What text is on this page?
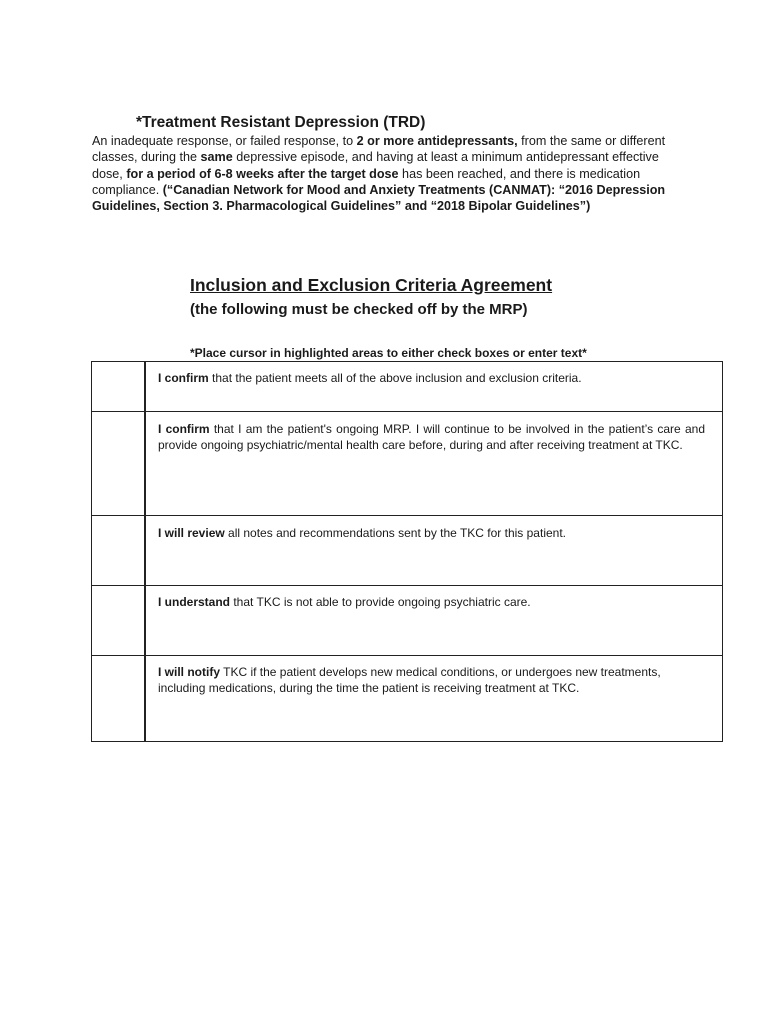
*Treatment Resistant Depression (TRD)

An inadequate response, or failed response, to 2 or more antidepressants, from the same or different classes, during the same depressive episode, and having at least a minimum antidepressant effective dose, for a period of 6-8 weeks after the target dose has been reached, and there is medication compliance. (“Canadian Network for Mood and Anxiety Treatments (CANMAT): “2016 Depression Guidelines, Section 3. Pharmacological Guidelines” and “2018 Bipolar Guidelines”)

Inclusion and Exclusion Criteria Agreement

(the following must be checked off by the MRP)

*Place cursor in highlighted areas to either check boxes or enter text*

	I confirm that the patient meets all of the above inclusion and exclusion criteria.

	I confirm that I am the patient's ongoing MRP. I will continue to be involved in the patient’s care and provide ongoing psychiatric/mental health care before, during and after receiving treatment at TKC.

	I will review all notes and recommendations sent by the TKC for this patient.

	I understand that TKC is not able to provide ongoing psychiatric care.

	I will notify TKC if the patient develops new medical conditions, or undergoes new treatments, including medications, during the time the patient is receiving treatment at TKC.
